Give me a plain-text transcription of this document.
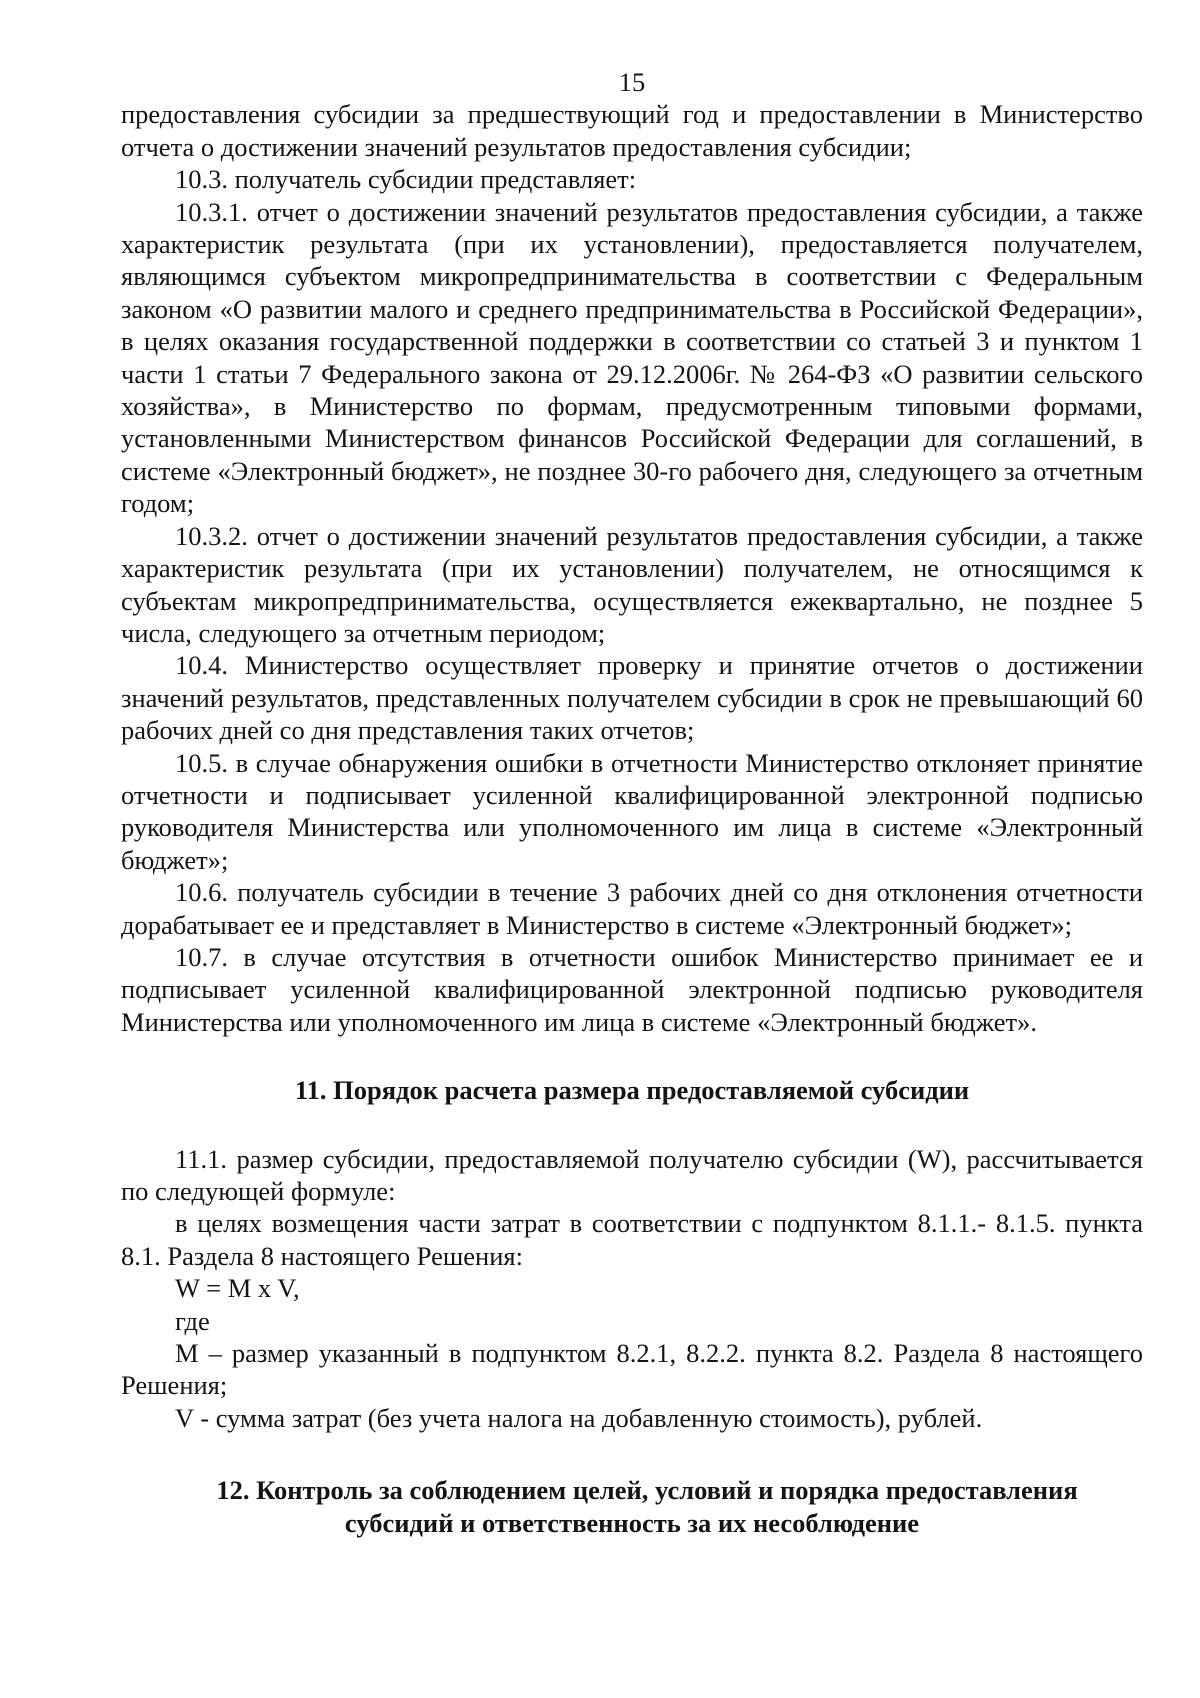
15

предоставления субсидии за предшествующий год и предоставлении в Министерство отчета о достижении значений результатов предоставления субсидии;

10.3. получатель субсидии представляет:

10.3.1. отчет о достижении значений результатов предоставления субсидии, а также характеристик результата (при их установлении), предоставляется получателем, являющимся субъектом микропредпринимательства в соответствии с Федеральным законом «О развитии малого и среднего предпринимательства в Российской Федерации», в целях оказания государственной поддержки в соответствии со статьей 3 и пунктом 1 части 1 статьи 7 Федерального закона от 29.12.2006г. № 264-ФЗ «О развитии сельского хозяйства», в Министерство по формам, предусмотренным типовыми формами, установленными Министерством финансов Российской Федерации для соглашений, в системе «Электронный бюджет», не позднее 30-го рабочего дня, следующего за отчетным годом;

10.3.2. отчет о достижении значений результатов предоставления субсидии, а также характеристик результата (при их установлении) получателем, не относящимся к субъектам микропредпринимательства, осуществляется ежеквартально, не позднее 5 числа, следующего за отчетным периодом;

10.4. Министерство осуществляет проверку и принятие отчетов о достижении значений результатов, представленных получателем субсидии в срок не превышающий 60 рабочих дней со дня представления таких отчетов;

10.5. в случае обнаружения ошибки в отчетности Министерство отклоняет принятие отчетности и подписывает усиленной квалифицированной электронной подписью руководителя Министерства или уполномоченного им лица в системе «Электронный бюджет»;

10.6. получатель субсидии в течение 3 рабочих дней со дня отклонения отчетности дорабатывает ее и представляет в Министерство в системе «Электронный бюджет»;

10.7. в случае отсутствия в отчетности ошибок Министерство принимает ее и подписывает усиленной квалифицированной электронной подписью руководителя Министерства или уполномоченного им лица в системе «Электронный бюджет».

11. Порядок расчета размера предоставляемой субсидии

11.1. размер субсидии, предоставляемой получателю субсидии (W), рассчитывается по следующей формуле:

в целях возмещения части затрат в соответствии с подпунктом 8.1.1.- 8.1.5. пункта 8.1. Раздела 8 настоящего Решения:

W = M x V,

где

M – размер указанный в подпунктом 8.2.1, 8.2.2. пункта 8.2. Раздела 8 настоящего Решения;

V - сумма затрат (без учета налога на добавленную стоимость), рублей.

12. Контроль за соблюдением целей, условий и порядка предоставления

субсидий и ответственность за их несоблюдение
